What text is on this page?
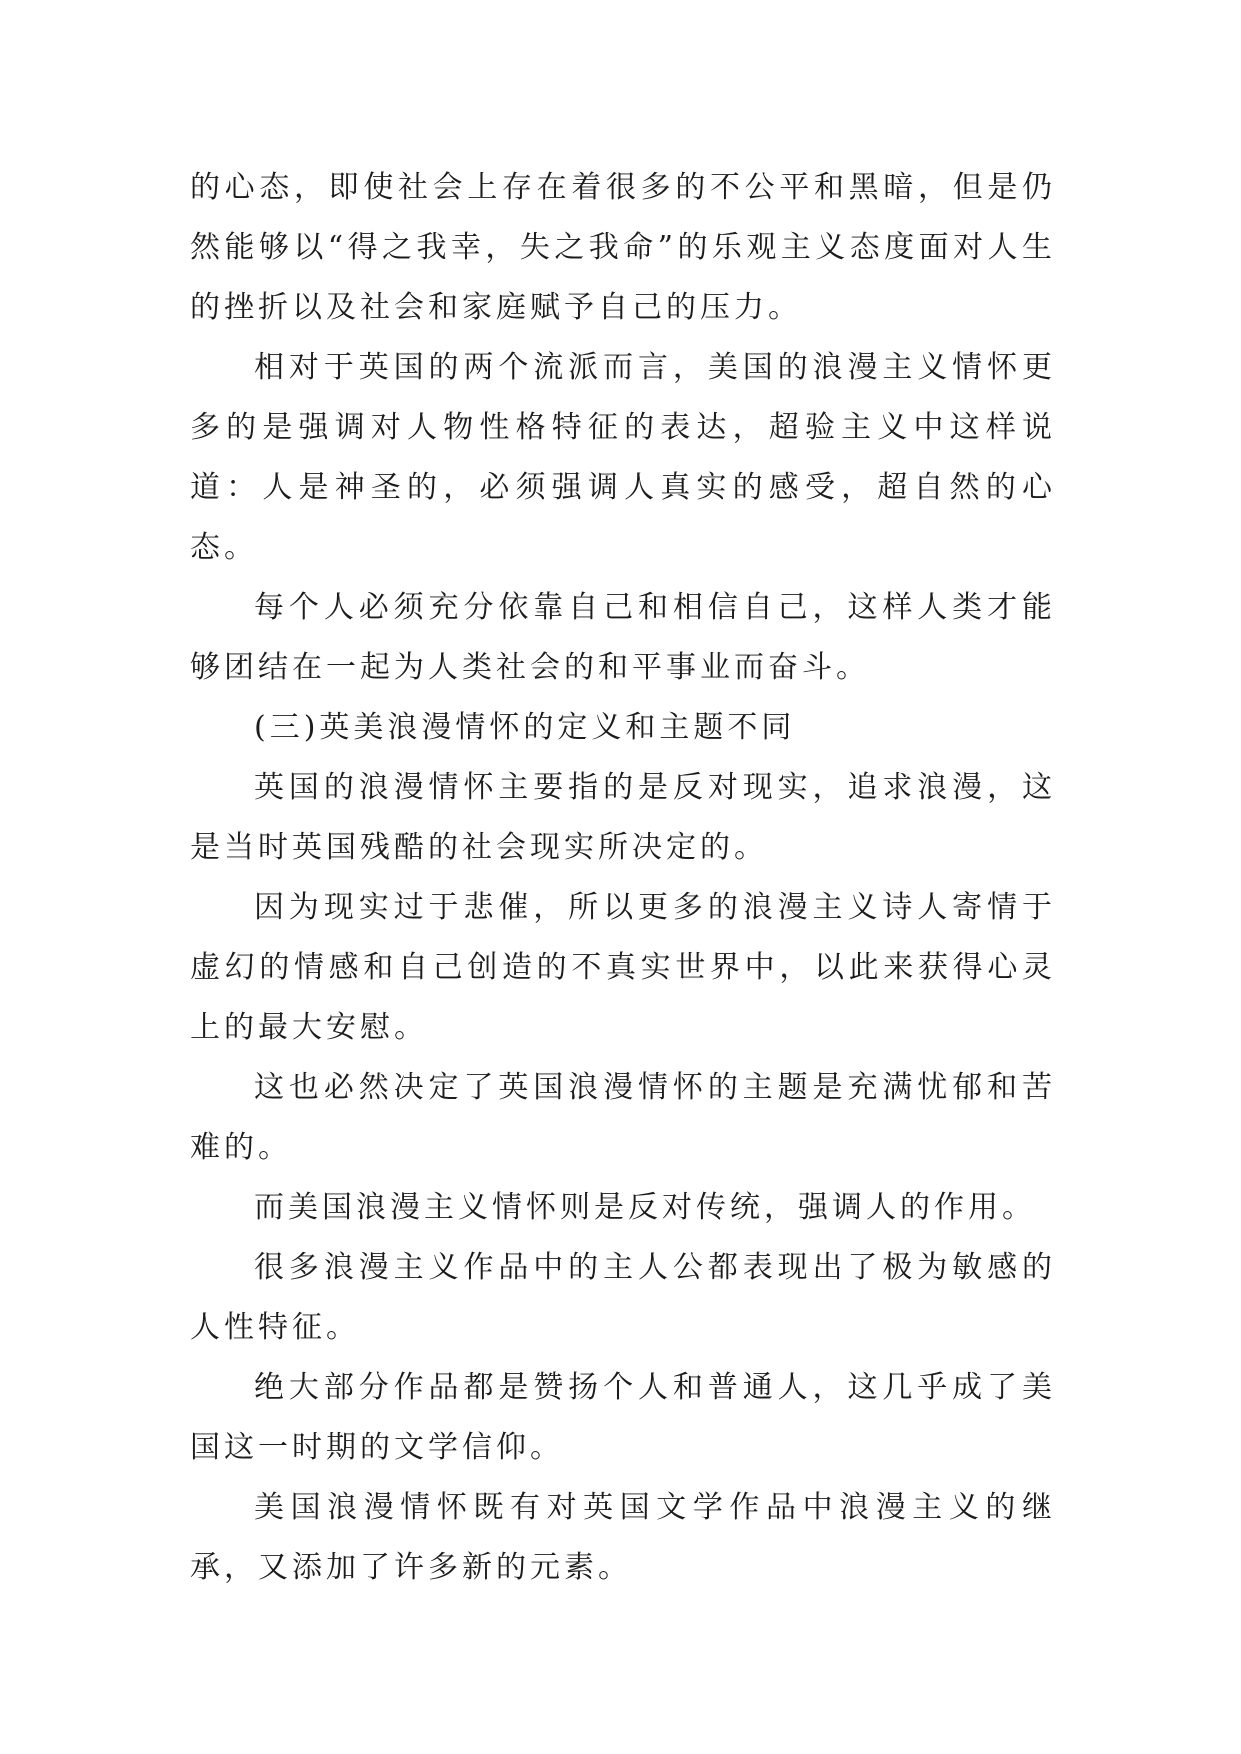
的心态，即使社会上存在着很多的不公平和黑暗，但是仍然能够以“得之我幸，失之我命”的乐观主义态度面对人生的挫折以及社会和家庭赋予自己的压力。

相对于英国的两个流派而言，美国的浪漫主义情怀更多的是强调对人物性格特征的表达，超验主义中这样说道：人是神圣的，必须强调人真实的感受，超自然的心态。

每个人必须充分依靠自己和相信自己，这样人类才能够团结在一起为人类社会的和平事业而奋斗。

(三)英美浪漫情怀的定义和主题不同

英国的浪漫情怀主要指的是反对现实，追求浪漫，这是当时英国残酷的社会现实所决定的。

因为现实过于悲催，所以更多的浪漫主义诗人寄情于虚幻的情感和自己创造的不真实世界中，以此来获得心灵上的最大安慰。

这也必然决定了英国浪漫情怀的主题是充满忧郁和苦难的。

而美国浪漫主义情怀则是反对传统，强调人的作用。

很多浪漫主义作品中的主人公都表现出了极为敏感的人性特征。

绝大部分作品都是赞扬个人和普通人，这几乎成了美国这一时期的文学信仰。

美国浪漫情怀既有对英国文学作品中浪漫主义的继承，又添加了许多新的元素。
